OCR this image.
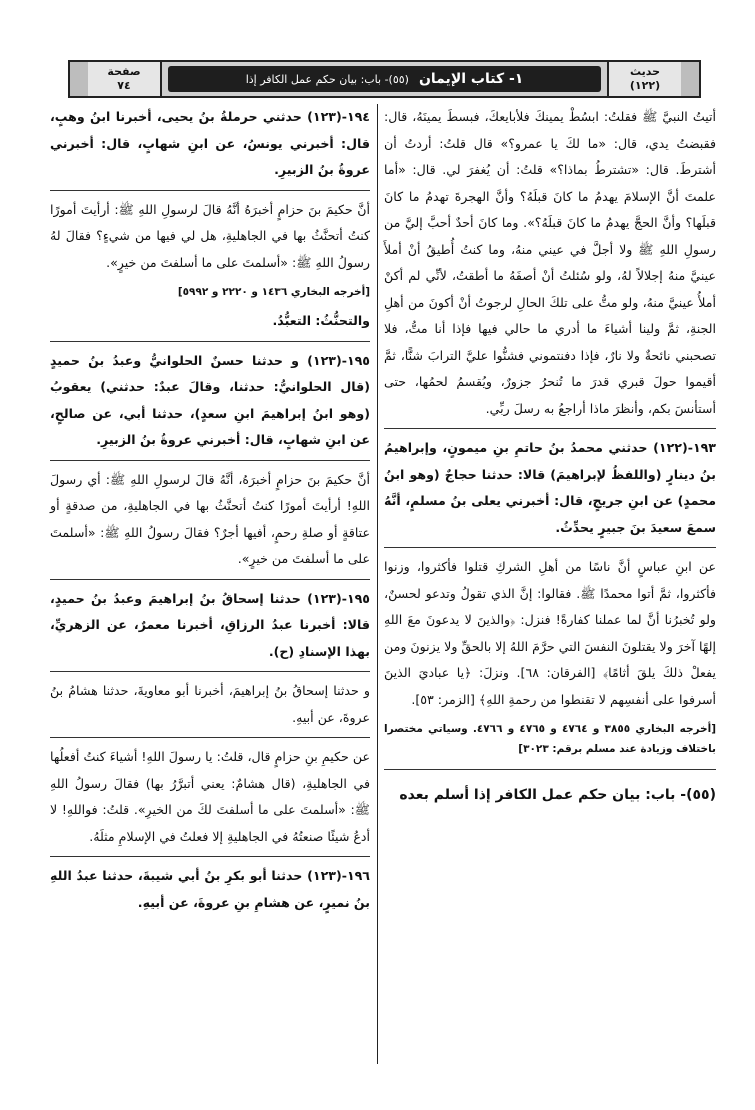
صفحة
٧٤	١- كتاب الإيمان
(٥٥)- باب: بيان حكم عمل الكافر إذا
حديث
(١٢٢)

أتيتُ النبيَّ ﷺ فقلتُ: ابسُطْ يمينكَ فلأبايعكَ، فبسطَ يمينَهُ، قال: فقبضتُ يدي، قال: «ما لكَ يا عمرو؟» قال قلتُ: أردتُ أن أشترطَ. قال: «تشترطُ بماذا؟» قلتُ: أن يُغفرَ لي. قال: «أما علمتَ أنَّ الإسلامَ يهدمُ ما كانَ قبلَهُ؟ وأنَّ الهجرةَ تهدمُ ما كانَ قبلَها؟ وأنَّ الحجَّ يهدمُ ما كانَ قبلَهُ؟». وما كانَ أحدٌ أحبَّ إليَّ من رسولِ اللهِ ﷺ ولا أجلَّ في عيني منهُ، وما كنتُ أُطيقُ أنْ أملأَ عينيَّ منهُ إجلالاً لهُ، ولو سُئلتُ أنْ أصفَهُ ما أطقتُ، لأنِّي لم أكنْ أملأُ عينيَّ منهُ، ولو متُّ على تلكَ الحالِ لرجوتُ أنْ أكونَ من أهلِ الجنةِ، ثمَّ ولينا أشياءَ ما أدري ما حالي فيها فإذا أنا متُّ، فلا تصحبني نائحةٌ ولا نارٌ، فإذا دفنتموني فشنُّوا عليَّ الترابَ شنًّا، ثمَّ أقيموا حولَ قبري قدرَ ما تُنحرُ جزورٌ، ويُقسمُ لحمُها، حتى أستأنسَ بكم، وأنظرَ ماذا أراجعُ به رسلَ ربِّي.

١٩٣-(١٢٢) حدثني محمدُ بنُ حاتمِ بنِ ميمونٍ، وإبراهيمُ بنُ دينارٍ (واللفظُ لإبراهيمَ) قالا: حدثنا حجاجٌ (وهو ابنُ محمدٍ) عن ابنِ جريجٍ، قال: أخبرني يعلى بنُ مسلمٍ، أنَّهُ سمعَ سعيدَ بنَ جبيرٍ يحدِّثُ.

عن ابنِ عباسٍ أنَّ ناسًا من أهلِ الشركِ قتلوا فأكثروا، وزنوا فأكثروا، ثمَّ أتوا محمدًا ﷺ. فقالوا: إنَّ الذي تقولُ وتدعو لحسنٌ، ولو تُخبرُنا أنَّ لما عملنا كفارةً! فنزل: ﴿والذينَ لا يدعونَ معَ اللهِ إلهًا آخرَ ولا يقتلونَ النفسَ التي حرَّمَ اللهُ إلا بالحقِّ ولا يزنونَ ومن يفعلْ ذلكَ يلقَ أثامًا﴾ [الفرقان: ٦٨]. ونزلَ: ﴿يا عباديَ الذينَ أسرفوا على أنفسِهم لا تقنطوا من رحمةِ اللهِ﴾ [الزمر: ٥٣].

[أخرجه البخاري ٣٨٥٥ و ٤٧٦٤ و ٤٧٦٥ و ٤٧٦٦. وسياتي مختصرا باختلاف وزيادة عند مسلم برقم: ٣٠٢٣]

(٥٥)- باب: بيان حكم عمل الكافر إذا أسلم بعده

١٩٤-(١٢٣) حدثني حرملةُ بنُ يحيى، أخبرنا ابنُ وهبٍ، قال: أخبرني يونسُ، عن ابنِ شهابٍ، قال: أخبرني عروةُ بنُ الزبيرِ.

أنَّ حكيمَ بنَ حزامٍ أخبرَهُ أنَّهُ قالَ لرسولِ اللهِ ﷺ: أرأيتَ أمورًا كنتُ أتحنَّثُ بها في الجاهليةِ، هل لي فيها من شيءٍ؟ فقالَ لهُ رسولُ اللهِ ﷺ: «أسلمتَ على ما أسلفتَ من خيرٍ».

[أخرجه البخاري ١٤٣٦ و ٢٢٢٠ و ٥٩٩٢]

والتحنُّثُ: التعبُّدُ.

١٩٥-(١٢٣) و حدثنا حسنٌ الحلوانيُّ وعبدُ بنُ حميدٍ (قال الحلوانيُّ: حدثنا، وقالَ عبدٌ: حدثني) يعقوبُ (وهو ابنُ إبراهيمَ ابنِ سعدٍ)، حدثنا أبي، عن صالحٍ، عن ابنِ شهابٍ، قال: أخبرني عروةُ بنُ الزبيرِ.

أنَّ حكيمَ بنَ حزامٍ أخبرَهُ، أنَّهُ قالَ لرسولِ اللهِ ﷺ: أي رسولَ اللهِ! أرأيتَ أمورًا كنتُ أتحنَّثُ بها في الجاهليةِ، من صدقةٍ أو عتاقةٍ أو صلةِ رحمٍ، أفيها أجرٌ؟ فقالَ رسولُ اللهِ ﷺ: «أسلمتَ على ما أسلفتَ من خيرٍ».

١٩٥-(١٢٣) حدثنا إسحاقُ بنُ إبراهيمَ وعبدُ بنُ حميدٍ، قالا: أخبرنا عبدُ الرزاقِ، أخبرنا معمرٌ، عن الزهريِّ، بهذا الإسنادِ (ح).

و حدثنا إسحاقُ بنُ إبراهيمَ، أخبرنا أبو معاويةَ، حدثنا هشامُ بنُ عروةَ، عن أبيهِ.

عن حكيمِ بنِ حزامٍ قال، قلتُ: يا رسولَ اللهِ! أشياءَ كنتُ أفعلُها في الجاهليةِ، (قال هشامٌ: يعني أتبرَّرُ بها) فقالَ رسولُ اللهِ ﷺ: «أسلمتَ على ما أسلفتَ لكَ من الخيرِ». قلتُ: فواللهِ! لا أدعُ شيئًا صنعتُهُ في الجاهليةِ إلا فعلتُ في الإسلامِ مثلَهُ.

١٩٦-(١٢٣) حدثنا أبو بكرِ بنُ أبي شيبةَ، حدثنا عبدُ اللهِ بنُ نميرٍ، عن هشامِ بنِ عروةَ، عن أبيهِ.
